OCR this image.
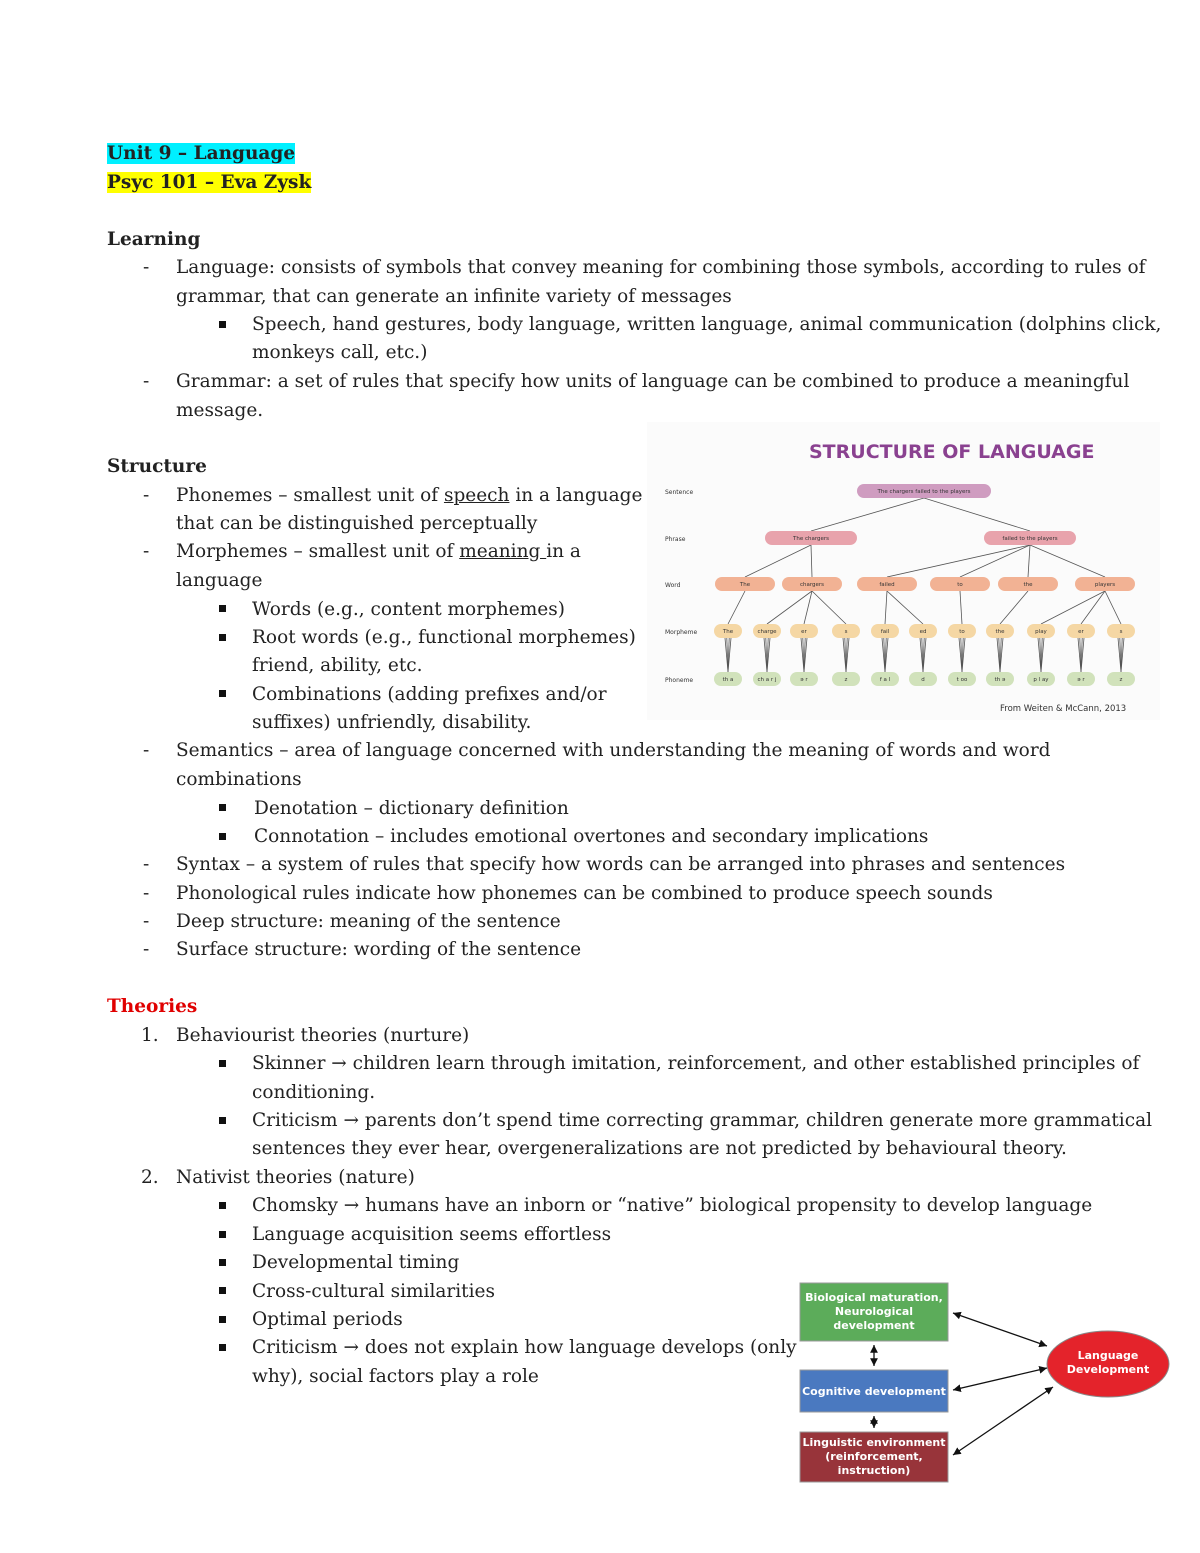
Unit 9 – Language
Psyc 101 – Eva Zysk
Learning
- Language: consists of symbols that convey meaning for combining those symbols, according to rules of
grammar, that can generate an infinite variety of messages
Speech, hand gestures, body language, written language, animal communication (dolphins click,
monkeys call, etc.)
- Grammar: a set of rules that specify how units of language can be combined to produce a meaningful
message.
Structure
- Phonemes – smallest unit of speech in a language
that can be distinguished perceptually
- Morphemes – smallest unit of meaning in a
language
Words (e.g., content morphemes)
Root words (e.g., functional morphemes)
friend, ability, etc.
Combinations (adding prefixes and/or
suffixes) unfriendly, disability.
- Semantics – area of language concerned with understanding the meaning of words and word
combinations
Denotation – dictionary definition
Connotation – includes emotional overtones and secondary implications
- Syntax – a system of rules that specify how words can be arranged into phrases and sentences
- Phonological rules indicate how phonemes can be combined to produce speech sounds
- Deep structure: meaning of the sentence
- Surface structure: wording of the sentence
Theories
1. Behaviourist theories (nurture)
Skinner → children learn through imitation, reinforcement, and other established principles of
conditioning.
Criticism → parents don’t spend time correcting grammar, children generate more grammatical
sentences they ever hear, overgeneralizations are not predicted by behavioural theory.
2. Nativist theories (nature)
Chomsky → humans have an inborn or “native” biological propensity to develop language
Language acquisition seems effortless
Developmental timing
Cross-cultural similarities
Optimal periods
Criticism → does not explain how language develops (only
why), social factors play a role
STRUCTURE OF LANGUAGE
From Weiten & McCann, 2013
The chargers failed to the players
The chargers	failed to the players
The	chargers	failed	to	the	players
The	charge	er	s	fail	ed	to	the	play	er	s
th a	ch a r j	ə r	z	f a l	d	t oo	th ə	p l ay	ə r	z
Sentence
Phrase
Word
Morpheme
Phoneme
Biological maturation,
Neurological
development
Cognitive development
Linguistic environment
(reinforcement,
instruction)
Language
Development
